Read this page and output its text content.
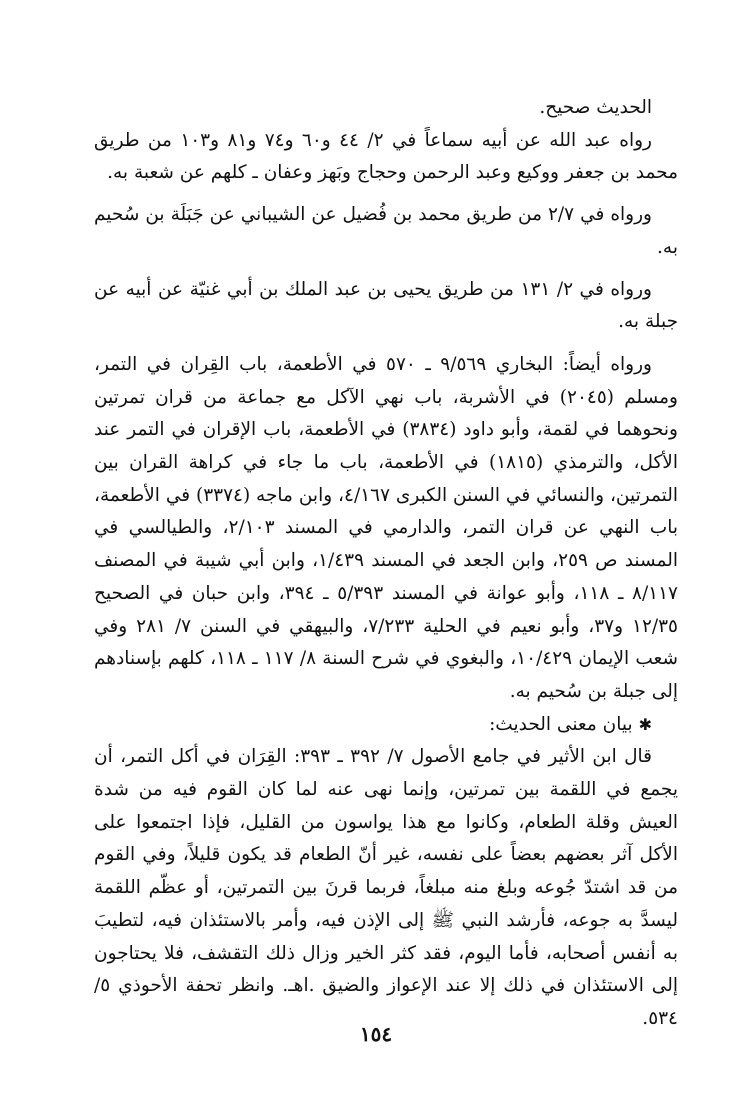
الحديث صحيح.

رواه عبد الله عن أبيه سماعاً في ٢/ ٤٤ و٦٠ و٧٤ و٨١ و١٠٣ من طريق محمد بن جعفر ووكيع وعبد الرحمن وحجاج وبَهز وعفان ـ كلهم عن شعبة به.

ورواه في ٢/٧ من طريق محمد بن فُضيل عن الشيباني عن جَبَلَة بن سُحيم به.

ورواه في ٢/ ١٣١ من طريق يحيى بن عبد الملك بن أبي غنيّة عن أبيه عن جبلة به.

ورواه أيضاً: البخاري ٩/٥٦٩ ـ ٥٧٠ في الأطعمة، باب القِران في التمر، ومسلم (٢٠٤٥) في الأشربة، باب نهي الآكل مع جماعة من قران تمرتين ونحوهما في لقمة، وأبو داود (٣٨٣٤) في الأطعمة، باب الإقران في التمر عند الأكل، والترمذي (١٨١٥) في الأطعمة، باب ما جاء في كراهة القران بين التمرتين، والنسائي في السنن الكبرى ٤/١٦٧، وابن ماجه (٣٣٧٤) في الأطعمة، باب النهي عن قران التمر، والدارمي في المسند ٢/١٠٣، والطيالسي في المسند ص ٢٥٩، وابن الجعد في المسند ١/٤٣٩، وابن أبي شيبة في المصنف ٨/١١٧ ـ ١١٨، وأبو عوانة في المسند ٥/٣٩٣ ـ ٣٩٤، وابن حبان في الصحيح ١٢/٣٥ و٣٧، وأبو نعيم في الحلية ٧/٢٣٣، والبيهقي في السنن ٧/ ٢٨١ وفي شعب الإيمان ١٠/٤٢٩، والبغوي في شرح السنة ٨/ ١١٧ ـ ١١٨، كلهم بإسنادهم إلى جبلة بن سُحيم به.

✱بيان معنى الحديث:

قال ابن الأثير في جامع الأصول ٧/ ٣٩٢ ـ ٣٩٣: القِرَان في أكل التمر، أن يجمع في اللقمة بين تمرتين، وإنما نهى عنه لما كان القوم فيه من شدة العيش وقلة الطعام، وكانوا مع هذا يواسون من القليل، فإذا اجتمعوا على الأكل آثر بعضهم بعضاً على نفسه، غير أنّ الطعام قد يكون قليلاً، وفي القوم من قد اشتدّ جُوعه وبلغ منه مبلغاً، فربما قرنَ بين التمرتين، أو عظّم اللقمة ليسدَّ به جوعه، فأرشد النبي ﷺ إلى الإذن فيه، وأمر بالاستئذان فيه، لتطيبَ به أنفس أصحابه، فأما اليوم، فقد كثر الخير وزال ذلك التقشف، فلا يحتاجون إلى الاستئذان في ذلك إلا عند الإعواز والضيق .اهـ. وانظر تحفة الأحوذي ٥/ ٥٣٤.

١٥٤
